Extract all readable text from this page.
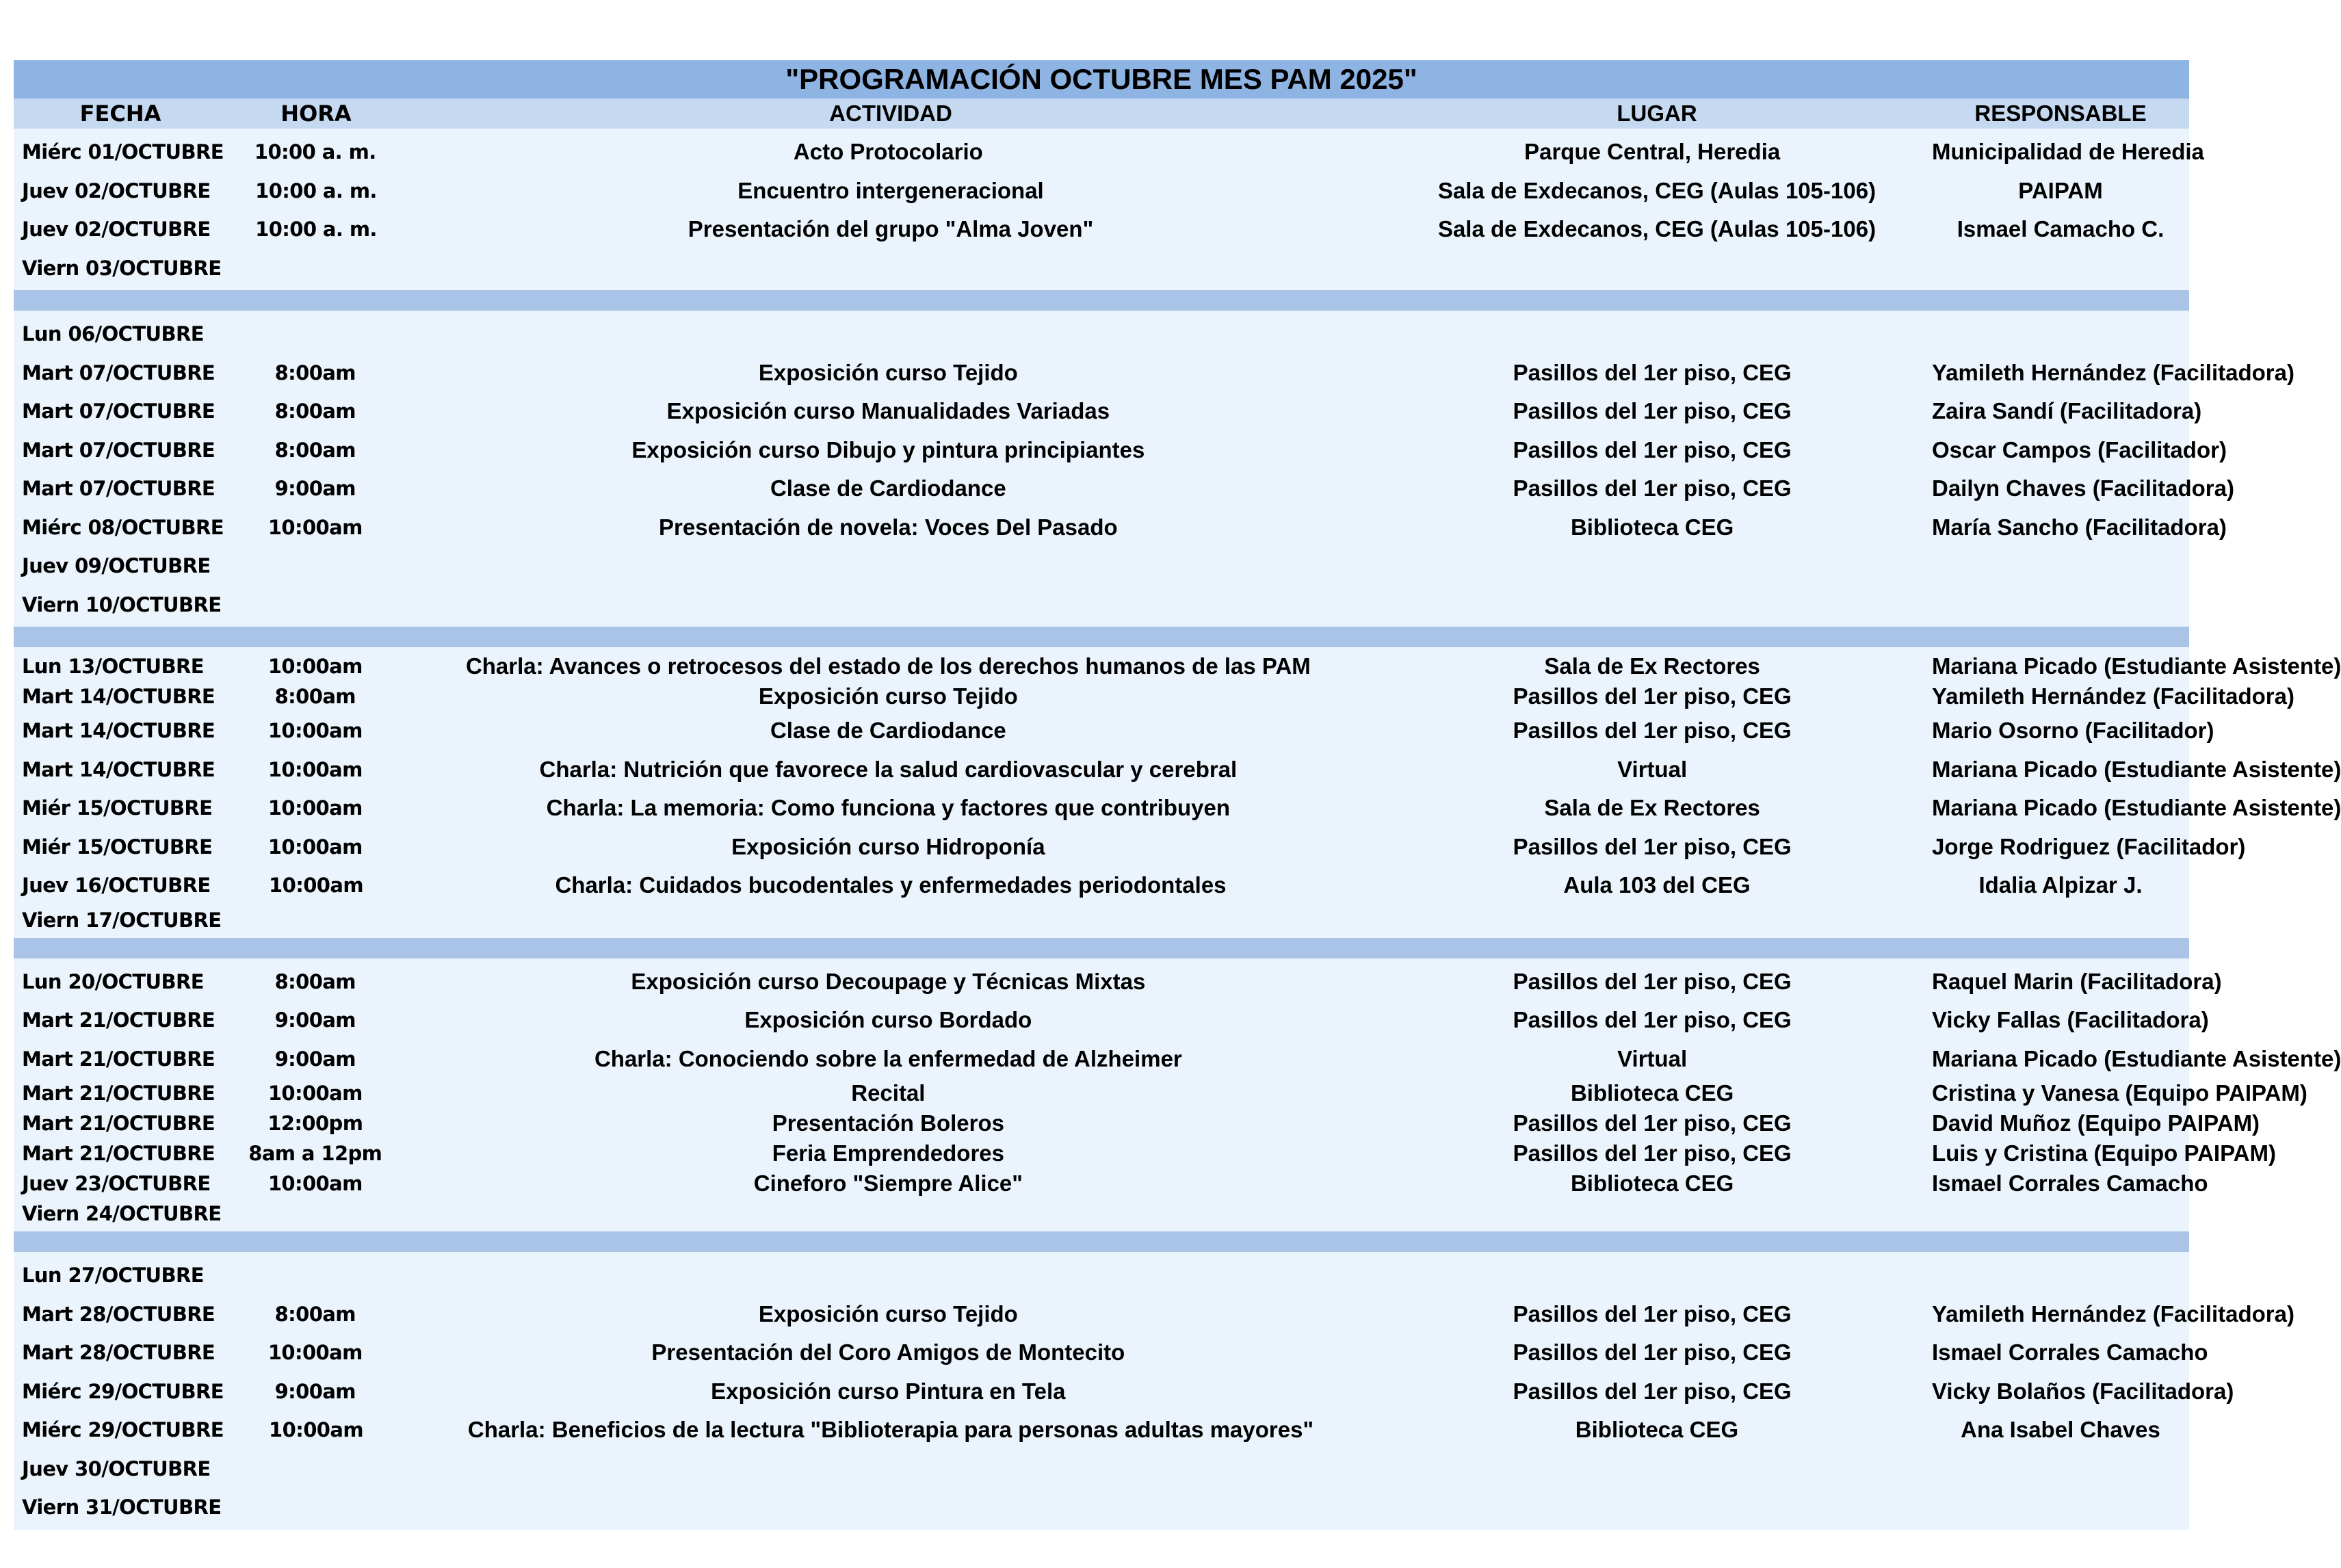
"PROGRAMACIÓN OCTUBRE MES PAM 2025"
FECHA	HORA	ACTIVIDAD	LUGAR	RESPONSABLE
Miérc 01/OCTUBRE	10:00 a. m.	Acto Protocolario	Parque Central, Heredia	Municipalidad de Heredia
Juev 02/OCTUBRE	10:00 a. m.	Encuentro intergeneracional	Sala de Exdecanos, CEG (Aulas 105-106)	PAIPAM
Juev 02/OCTUBRE	10:00 a. m.	Presentación del grupo "Alma Joven"	Sala de Exdecanos, CEG (Aulas 105-106)	Ismael Camacho C.
Viern 03/OCTUBRE
Lun 06/OCTUBRE
Mart 07/OCTUBRE	8:00am	Exposición curso Tejido	Pasillos del 1er piso, CEG	Yamileth Hernández (Facilitadora)
Mart 07/OCTUBRE	8:00am	Exposición curso Manualidades Variadas	Pasillos del 1er piso, CEG	Zaira Sandí (Facilitadora)
Mart 07/OCTUBRE	8:00am	Exposición curso Dibujo y pintura principiantes	Pasillos del 1er piso, CEG	Oscar Campos (Facilitador)
Mart 07/OCTUBRE	9:00am	Clase de Cardiodance	Pasillos del 1er piso, CEG	Dailyn Chaves (Facilitadora)
Miérc 08/OCTUBRE	10:00am	Presentación de novela: Voces Del Pasado	Biblioteca CEG	María Sancho (Facilitadora)
Juev 09/OCTUBRE
Viern 10/OCTUBRE
Lun 13/OCTUBRE	10:00am	Charla: Avances o retrocesos del estado de los derechos humanos de las PAM	Sala de Ex Rectores	Mariana Picado (Estudiante Asistente)
Mart 14/OCTUBRE	8:00am	Exposición curso Tejido	Pasillos del 1er piso, CEG	Yamileth Hernández (Facilitadora)
Mart 14/OCTUBRE	10:00am	Clase de Cardiodance	Pasillos del 1er piso, CEG	Mario Osorno (Facilitador)
Mart 14/OCTUBRE	10:00am	Charla: Nutrición que favorece la salud cardiovascular y cerebral	Virtual	Mariana Picado (Estudiante Asistente)
Miér 15/OCTUBRE	10:00am	Charla: La memoria: Como funciona y factores que contribuyen	Sala de Ex Rectores	Mariana Picado (Estudiante Asistente)
Miér 15/OCTUBRE	10:00am	Exposición curso Hidroponía	Pasillos del 1er piso, CEG	Jorge Rodriguez (Facilitador)
Juev 16/OCTUBRE	10:00am	Charla: Cuidados bucodentales y enfermedades periodontales	Aula 103 del CEG	Idalia Alpizar J.
Viern 17/OCTUBRE
Lun 20/OCTUBRE	8:00am	Exposición curso Decoupage y Técnicas Mixtas	Pasillos del 1er piso, CEG	Raquel Marin (Facilitadora)
Mart 21/OCTUBRE	9:00am	Exposición curso Bordado	Pasillos del 1er piso, CEG	Vicky Fallas (Facilitadora)
Mart 21/OCTUBRE	9:00am	Charla: Conociendo sobre la enfermedad de Alzheimer	Virtual	Mariana Picado (Estudiante Asistente)
Mart 21/OCTUBRE	10:00am	Recital	Biblioteca CEG	Cristina y Vanesa (Equipo PAIPAM)
Mart 21/OCTUBRE	12:00pm	Presentación Boleros	Pasillos del 1er piso, CEG	David Muñoz (Equipo PAIPAM)
Mart 21/OCTUBRE	8am a 12pm	Feria Emprendedores	Pasillos del 1er piso, CEG	Luis y Cristina (Equipo PAIPAM)
Juev 23/OCTUBRE	10:00am	Cineforo "Siempre Alice"	Biblioteca CEG	Ismael Corrales Camacho
Viern 24/OCTUBRE
Lun 27/OCTUBRE
Mart 28/OCTUBRE	8:00am	Exposición curso Tejido	Pasillos del 1er piso, CEG	Yamileth Hernández (Facilitadora)
Mart 28/OCTUBRE	10:00am	Presentación del Coro Amigos de Montecito	Pasillos del 1er piso, CEG	Ismael Corrales Camacho
Miérc 29/OCTUBRE	9:00am	Exposición curso Pintura en Tela	Pasillos del 1er piso, CEG	Vicky Bolaños (Facilitadora)
Miérc 29/OCTUBRE	10:00am	Charla: Beneficios de la lectura "Biblioterapia para personas adultas mayores"	Biblioteca CEG	Ana Isabel Chaves
Juev 30/OCTUBRE
Viern 31/OCTUBRE
